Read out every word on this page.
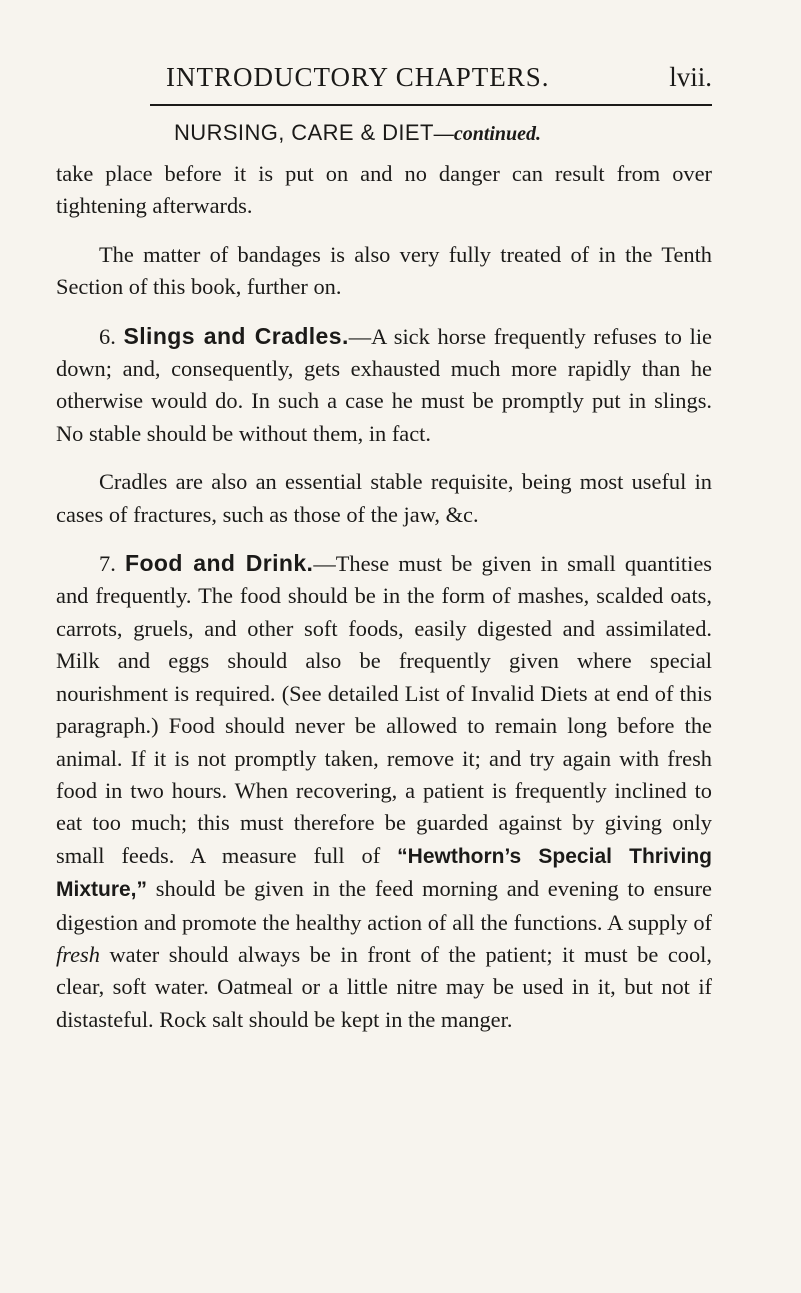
INTRODUCTORY CHAPTERS.	lvii.
NURSING, CARE & DIET—continued.

take place before it is put on and no danger can result from over tightening afterwards.

The matter of bandages is also very fully treated of in the Tenth Section of this book, further on.

6. Slings and Cradles.—A sick horse frequently refuses to lie down; and, consequently, gets exhausted much more rapidly than he otherwise would do. In such a case he must be promptly put in slings. No stable should be without them, in fact.

Cradles are also an essential stable requisite, being most useful in cases of fractures, such as those of the jaw, &c.

7. Food and Drink.—These must be given in small quantities and frequently. The food should be in the form of mashes, scalded oats, carrots, gruels, and other soft foods, easily digested and assimilated. Milk and eggs should also be frequently given where special nourishment is required. (See detailed List of Invalid Diets at end of this paragraph.) Food should never be allowed to remain long before the animal. If it is not promptly taken, remove it; and try again with fresh food in two hours. When recovering, a patient is frequently inclined to eat too much; this must therefore be guarded against by giving only small feeds. A measure full of “Hewthorn’s Special Thriving Mixture,” should be given in the feed morning and evening to ensure digestion and promote the healthy action of all the functions. A supply of fresh water should always be in front of the patient; it must be cool, clear, soft water. Oatmeal or a little nitre may be used in it, but not if distasteful. Rock salt should be kept in the manger.
